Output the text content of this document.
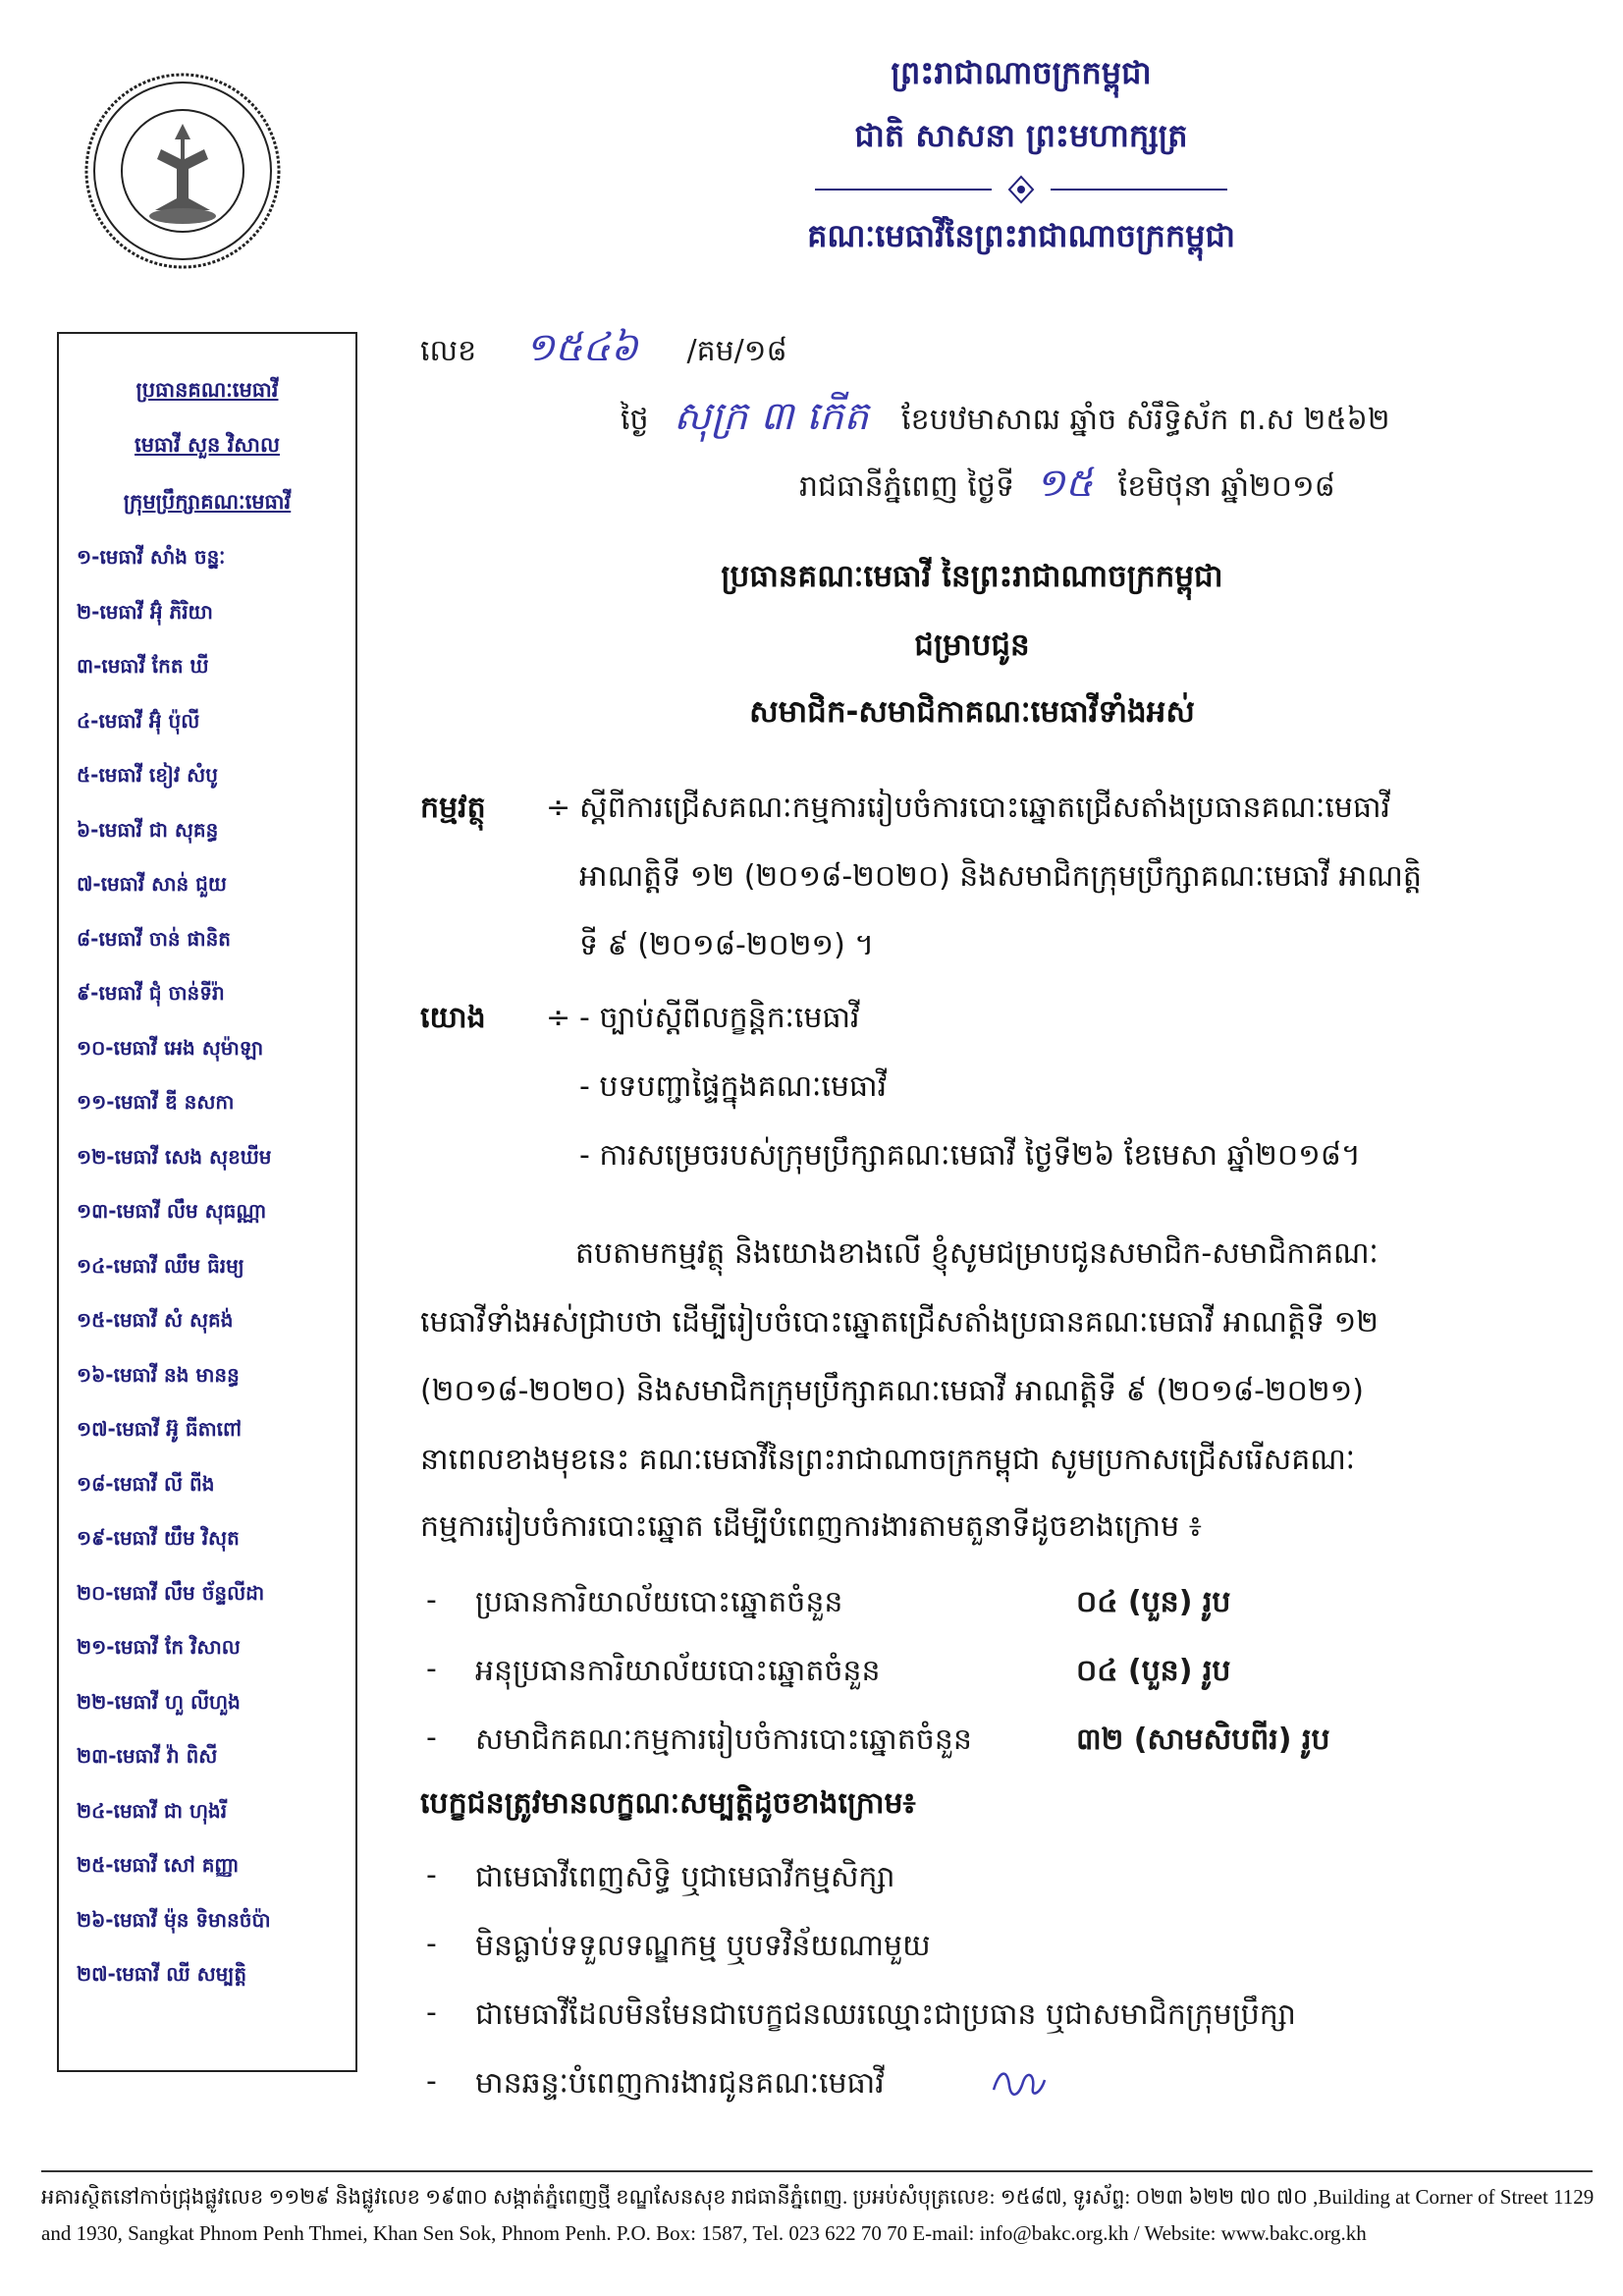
ព្រះរាជាណាចក្រកម្ពុជា
ជាតិ សាសនា ព្រះមហាក្សត្រ
គណៈមេធាវីនៃព្រះរាជាណាចក្រកម្ពុជា
ប្រធានគណៈមេធាវី
មេធាវី សួន វិសាល
ក្រុមប្រឹក្សាគណៈមេធាវី
១-មេធាវី សាំង ចន្ធ្នៈ
២-មេធាវី អ៊ុំ ភិរិយា
៣-មេធាវី កែត ឃី
៤-មេធាវី អ៊ុំ ប៉ុលី
៥-មេធាវី ខៀវ សំបូ
៦-មេធាវី ជា សុគន្ធ
៧-មេធាវី សាន់ ជួយ
៨-មេធាវី ចាន់ ផានិត
៩-មេធាវី ជុំ ចាន់ទីរ៉ា
១០-មេធាវី អេង សុម៉ាឡា
១១-មេធាវី ឌី នសកា
១២-មេធាវី សេង សុខឃីម
១៣-មេធាវី លឹម សុធណ្ណា
១៤-មេធាវី ឈឹម ធិរម្យ
១៥-មេធាវី សំ សុគង់
១៦-មេធាវី នង មានន្ធ
១៧-មេធាវី អ៊ូ ធីតាពៅ
១៨-មេធាវី លី ពីង
១៩-មេធាវី យឹម វិសុត
២០-មេធាវី លឹម ច័ន្ទលីដា
២១-មេធាវី កែ វិសាល
២២-មេធាវី ហួ លីហួង
២៣-មេធាវី វ៉ា ពិសី
២៤-មេធាវី ជា ហុងរី
២៥-មេធាវី សៅ គញ្ញា
២៦-មេធាវី ម៉ុន ទិមានចំប៉ា
២៧-មេធាវី ឈី សម្បត្តិ
លេខ ១៥៤៦ /គម/១៨
ថ្ងៃ សុក្រ ៣ កើត ខែបឋមាសាឍ ឆ្នាំច សំរឹទ្ធិស័ក ព.ស ២៥៦២
រាជធានីភ្នំពេញ ថ្ងៃទី ១៥ ខែមិថុនា ឆ្នាំ២០១៨
ប្រធានគណៈមេធាវី នៃព្រះរាជាណាចក្រកម្ពុជា
ជម្រាបជូន
សមាជិក-សមាជិកាគណៈមេធាវីទាំងអស់
កម្មវត្ថុ ÷ ស្តីពីការជ្រើសគណៈកម្មការរៀបចំការបោះឆ្នោតជ្រើសតាំងប្រធានគណៈមេធាវី
អាណត្តិទី ១២ (២០១៨-២០២០) និងសមាជិកក្រុមប្រឹក្សាគណៈមេធាវី អាណត្តិ
ទី ៩ (២០១៨-២០២១) ។
យោង ÷ - ច្បាប់ស្តីពីលក្ខន្តិកៈមេធាវី
- បទបញ្ជាផ្ទៃក្នុងគណៈមេធាវី
- ការសម្រេចរបស់ក្រុមប្រឹក្សាគណៈមេធាវី ថ្ងៃទី២៦ ខែមេសា ឆ្នាំ២០១៨។
តបតាមកម្មវត្ថុ និងយោងខាងលើ ខ្ញុំសូមជម្រាបជូនសមាជិក-សមាជិកាគណៈ
មេធាវីទាំងអស់ជ្រាបថា ដើម្បីរៀបចំបោះឆ្នោតជ្រើសតាំងប្រធានគណៈមេធាវី អាណត្តិទី ១២
(២០១៨-២០២០) និងសមាជិកក្រុមប្រឹក្សាគណៈមេធាវី អាណត្តិទី ៩ (២០១៨-២០២១)
នាពេលខាងមុខនេះ គណៈមេធាវីនៃព្រះរាជាណាចក្រកម្ពុជា សូមប្រកាសជ្រើសរើសគណៈ
កម្មការរៀបចំការបោះឆ្នោត ដើម្បីបំពេញការងារតាមតួនាទីដូចខាងក្រោម ៖
- ប្រធានការិយាល័យបោះឆ្នោតចំនួន	០៤ (បួន) រូប
- អនុប្រធានការិយាល័យបោះឆ្នោតចំនួន	០៤ (បួន) រូប
- សមាជិកគណៈកម្មការរៀបចំការបោះឆ្នោតចំនួន	៣២ (សាមសិបពីរ) រូប
បេក្ខជនត្រូវមានលក្ខណៈសម្បត្តិដូចខាងក្រោម៖
- ជាមេធាវីពេញសិទ្ធិ ឬជាមេធាវីកម្មសិក្សា
- មិនធ្លាប់ទទួលទណ្ឌកម្ម ឬបទវិន័យណាមួយ
- ជាមេធាវីដែលមិនមែនជាបេក្ខជនឈរឈ្មោះជាប្រធាន ឬជាសមាជិកក្រុមប្រឹក្សា
- មានឆន្ទៈបំពេញការងារជូនគណៈមេធាវី
អគារស្ថិតនៅកាច់ជ្រុងផ្លូវលេខ ១១២៩ និងផ្លូវលេខ ១៩៣០ សង្កាត់ភ្នំពេញថ្មី ខណ្ឌសែនសុខ រាជធានីភ្នំពេញ. ប្រអប់សំបុត្រលេខ: ១៥៨៧, ទូរស័ព្ទ: ០២៣ ៦២២ ៧០ ៧០ ,Building at Corner of Street 1129
and 1930, Sangkat Phnom Penh Thmei, Khan Sen Sok, Phnom Penh. P.O. Box: 1587, Tel. 023 622 70 70 E-mail: info@bakc.org.kh / Website: www.bakc.org.kh
